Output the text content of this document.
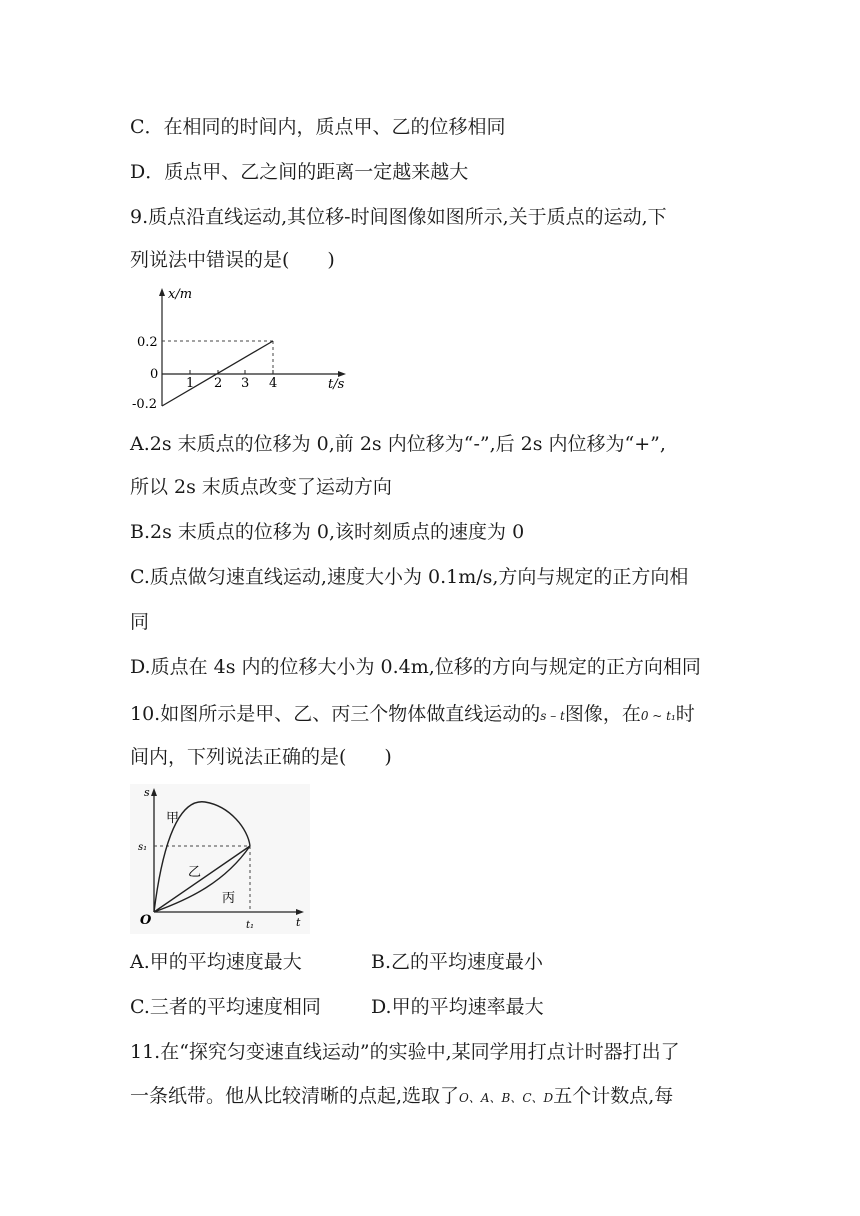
C．在相同的时间内，质点甲、乙的位移相同
D．质点甲、乙之间的距离一定越来越大
9.质点沿直线运动,其位移-时间图像如图所示,关于质点的运动,下
列说法中错误的是(　　)
x/m
t/s
0.2
0
-0.2
1 2 3 4
A.2s 末质点的位移为 0,前 2s 内位移为“-”,后 2s 内位移为“+”,
所以 2s 末质点改变了运动方向
B.2s 末质点的位移为 0,该时刻质点的速度为 0
C.质点做匀速直线运动,速度大小为 0.1m/s,方向与规定的正方向相
同
D.质点在 4s 内的位移大小为 0.4m,位移的方向与规定的正方向相同
10.如图所示是甲、乙、丙三个物体做直线运动的s – t图像，在0 ~ t₁时
间内，下列说法正确的是(　　)
s
t
O
s₁
t₁
甲
乙
丙
A.甲的平均速度最大	B.乙的平均速度最小
C.三者的平均速度相同	D.甲的平均速率最大
11.在“探究匀变速直线运动”的实验中,某同学用打点计时器打出了
一条纸带。他从比较清晰的点起,选取了O、A、B、C、D五个计数点,每
